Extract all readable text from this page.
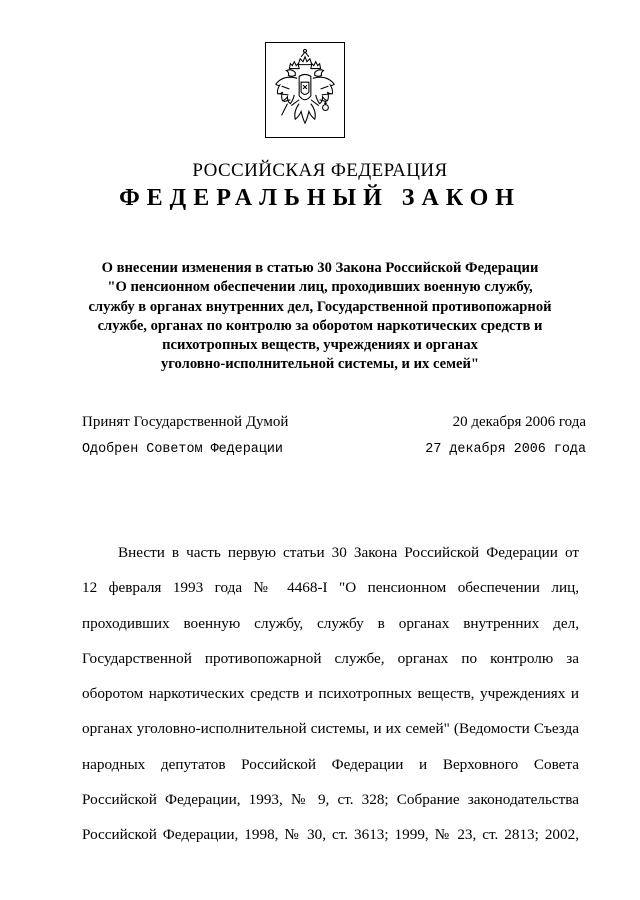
РОССИЙСКАЯ ФЕДЕРАЦИЯ
ФЕДЕРАЛЬНЫЙ ЗАКОН
О внесении изменения в статью 30 Закона Российской Федерации
"О пенсионном обеспечении лиц, проходивших военную службу,
службу в органах внутренних дел, Государственной противопожарной
службе, органах по контролю за оборотом наркотических средств и
психотропных веществ, учреждениях и органах
уголовно-исполнительной системы, и их семей"
Принят Государственной Думой	20 декабря 2006 года
Одобрен Советом Федерации	27 декабря 2006 года
Внести в часть первую статьи 30 Закона Российской Федерации от
12 февраля 1993 года № 4468-I "О пенсионном обеспечении лиц,
проходивших военную службу, службу в органах внутренних дел,
Государственной противопожарной службе, органах по контролю за
оборотом наркотических средств и психотропных веществ, учреждениях и
органах уголовно-исполнительной системы, и их семей" (Ведомости Съезда
народных депутатов Российской Федерации и Верховного Совета
Российской Федерации, 1993, № 9, ст. 328; Собрание законодательства
Российской Федерации, 1998, № 30, ст. 3613; 1999, № 23, ст. 2813; 2002,
